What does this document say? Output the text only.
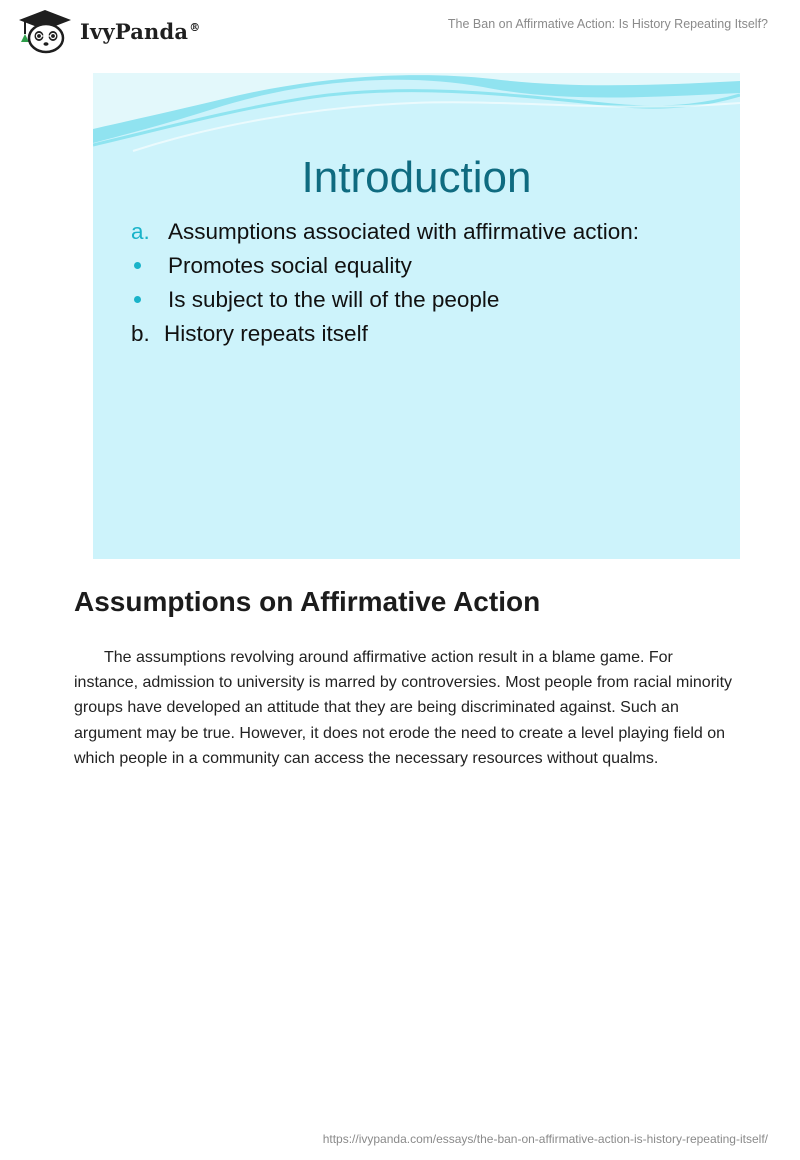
IvyPanda®	The Ban on Affirmative Action: Is History Repeating Itself?
Introduction
a. Assumptions associated with affirmative action:
Promotes social equality
Is subject to the will of the people
b. History repeats itself
Assumptions on Affirmative Action

The assumptions revolving around affirmative action result in a blame game. For instance, admission to university is marred by controversies. Most people from racial minority groups have developed an attitude that they are being discriminated against. Such an argument may be true. However, it does not erode the need to create a level playing field on which people in a community can access the necessary resources without qualms.

https://ivypanda.com/essays/the-ban-on-affirmative-action-is-history-repeating-itself/
